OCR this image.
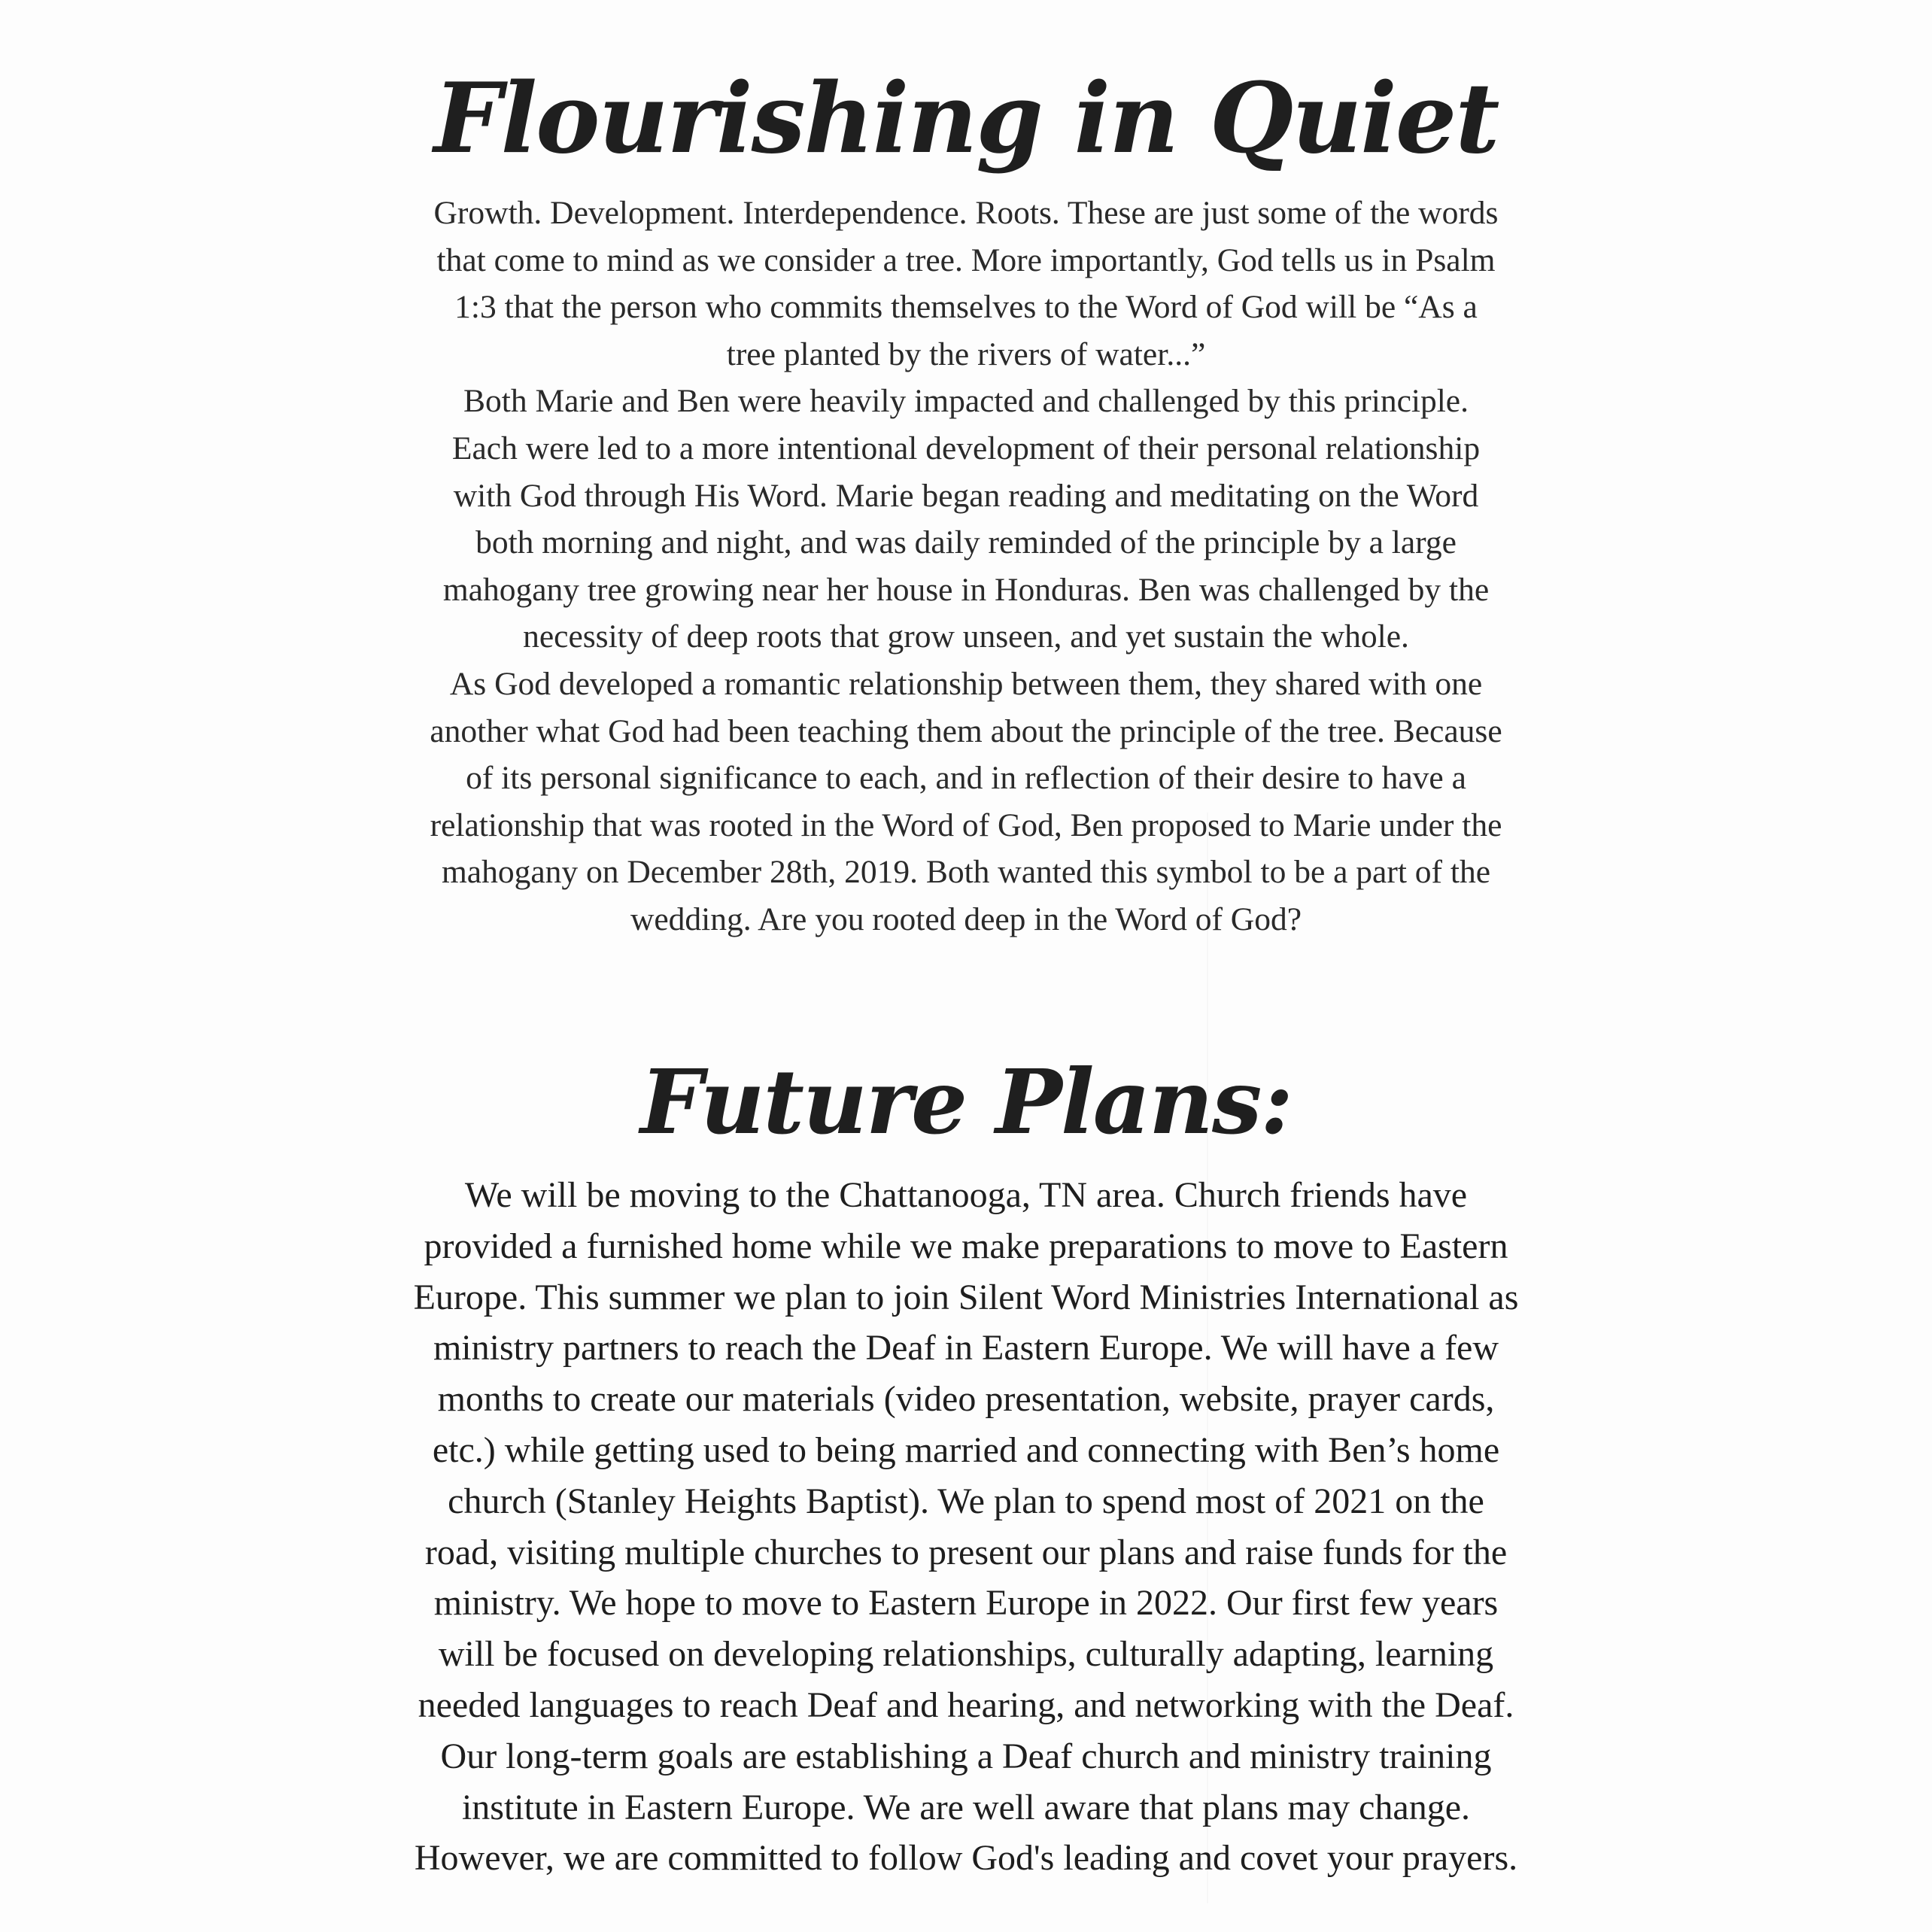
Flourishing in Quiet
Growth. Development. Interdependence. Roots. These are just some of the words
that come to mind as we consider a tree. More importantly, God tells us in Psalm
1:3 that the person who commits themselves to the Word of God will be “As a
tree planted by the rivers of water...”
Both Marie and Ben were heavily impacted and challenged by this principle.
Each were led to a more intentional development of their personal relationship
with God through His Word. Marie began reading and meditating on the Word
both morning and night, and was daily reminded of the principle by a large
mahogany tree growing near her house in Honduras. Ben was challenged by the
necessity of deep roots that grow unseen, and yet sustain the whole.
As God developed a romantic relationship between them, they shared with one
another what God had been teaching them about the principle of the tree. Because
of its personal significance to each, and in reflection of their desire to have a
relationship that was rooted in the Word of God, Ben proposed to Marie under the
mahogany on December 28th, 2019. Both wanted this symbol to be a part of the
wedding. Are you rooted deep in the Word of God?
Future Plans:
We will be moving to the Chattanooga, TN area. Church friends have
provided a furnished home while we make preparations to move to Eastern
Europe. This summer we plan to join Silent Word Ministries International as
ministry partners to reach the Deaf in Eastern Europe. We will have a few
months to create our materials (video presentation, website, prayer cards,
etc.) while getting used to being married and connecting with Ben’s home
church (Stanley Heights Baptist). We plan to spend most of 2021 on the
road, visiting multiple churches to present our plans and raise funds for the
ministry. We hope to move to Eastern Europe in 2022. Our first few years
will be focused on developing relationships, culturally adapting, learning
needed languages to reach Deaf and hearing, and networking with the Deaf.
Our long-term goals are establishing a Deaf church and ministry training
institute in Eastern Europe. We are well aware that plans may change.
However, we are committed to follow God's leading and covet your prayers.
